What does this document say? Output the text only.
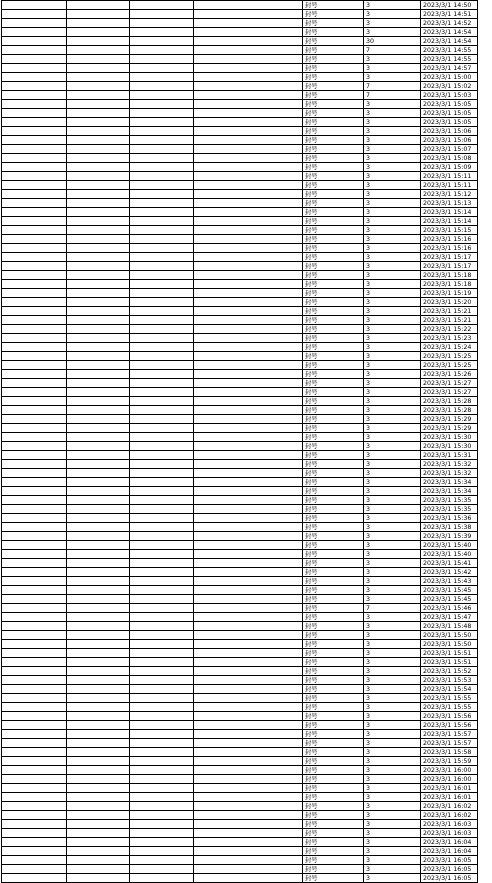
				封号	3	2023/3/1 14:50
				封号	3	2023/3/1 14:51
				封号	3	2023/3/1 14:52
				封号	3	2023/3/1 14:54
				封号	30	2023/3/1 14:54
				封号	7	2023/3/1 14:55
				封号	3	2023/3/1 14:55
				封号	3	2023/3/1 14:57
				封号	3	2023/3/1 15:00
				封号	7	2023/3/1 15:02
				封号	7	2023/3/1 15:03
				封号	3	2023/3/1 15:05
				封号	3	2023/3/1 15:05
				封号	3	2023/3/1 15:05
				封号	3	2023/3/1 15:06
				封号	3	2023/3/1 15:06
				封号	3	2023/3/1 15:07
				封号	3	2023/3/1 15:08
				封号	3	2023/3/1 15:09
				封号	3	2023/3/1 15:11
				封号	3	2023/3/1 15:11
				封号	3	2023/3/1 15:12
				封号	3	2023/3/1 15:13
				封号	3	2023/3/1 15:14
				封号	3	2023/3/1 15:14
				封号	3	2023/3/1 15:15
				封号	3	2023/3/1 15:16
				封号	3	2023/3/1 15:16
				封号	3	2023/3/1 15:17
				封号	3	2023/3/1 15:17
				封号	3	2023/3/1 15:18
				封号	3	2023/3/1 15:18
				封号	3	2023/3/1 15:19
				封号	3	2023/3/1 15:20
				封号	3	2023/3/1 15:21
				封号	3	2023/3/1 15:21
				封号	3	2023/3/1 15:22
				封号	3	2023/3/1 15:23
				封号	3	2023/3/1 15:24
				封号	3	2023/3/1 15:25
				封号	3	2023/3/1 15:25
				封号	3	2023/3/1 15:26
				封号	3	2023/3/1 15:27
				封号	3	2023/3/1 15:27
				封号	3	2023/3/1 15:28
				封号	3	2023/3/1 15:28
				封号	3	2023/3/1 15:29
				封号	3	2023/3/1 15:29
				封号	3	2023/3/1 15:30
				封号	3	2023/3/1 15:30
				封号	3	2023/3/1 15:31
				封号	3	2023/3/1 15:32
				封号	3	2023/3/1 15:32
				封号	3	2023/3/1 15:34
				封号	3	2023/3/1 15:34
				封号	3	2023/3/1 15:35
				封号	3	2023/3/1 15:35
				封号	3	2023/3/1 15:36
				封号	3	2023/3/1 15:38
				封号	3	2023/3/1 15:39
				封号	3	2023/3/1 15:40
				封号	3	2023/3/1 15:40
				封号	3	2023/3/1 15:41
				封号	3	2023/3/1 15:42
				封号	3	2023/3/1 15:43
				封号	3	2023/3/1 15:45
				封号	3	2023/3/1 15:45
				封号	7	2023/3/1 15:46
				封号	3	2023/3/1 15:47
				封号	3	2023/3/1 15:48
				封号	3	2023/3/1 15:50
				封号	3	2023/3/1 15:50
				封号	3	2023/3/1 15:51
				封号	3	2023/3/1 15:51
				封号	3	2023/3/1 15:52
				封号	3	2023/3/1 15:53
				封号	3	2023/3/1 15:54
				封号	3	2023/3/1 15:55
				封号	3	2023/3/1 15:55
				封号	3	2023/3/1 15:56
				封号	3	2023/3/1 15:56
				封号	3	2023/3/1 15:57
				封号	3	2023/3/1 15:57
				封号	3	2023/3/1 15:58
				封号	3	2023/3/1 15:59
				封号	3	2023/3/1 16:00
				封号	3	2023/3/1 16:00
				封号	3	2023/3/1 16:01
				封号	3	2023/3/1 16:01
				封号	3	2023/3/1 16:02
				封号	3	2023/3/1 16:02
				封号	3	2023/3/1 16:03
				封号	3	2023/3/1 16:03
				封号	3	2023/3/1 16:04
				封号	3	2023/3/1 16:04
				封号	3	2023/3/1 16:05
				封号	3	2023/3/1 16:05
				封号	3	2023/3/1 16:05
